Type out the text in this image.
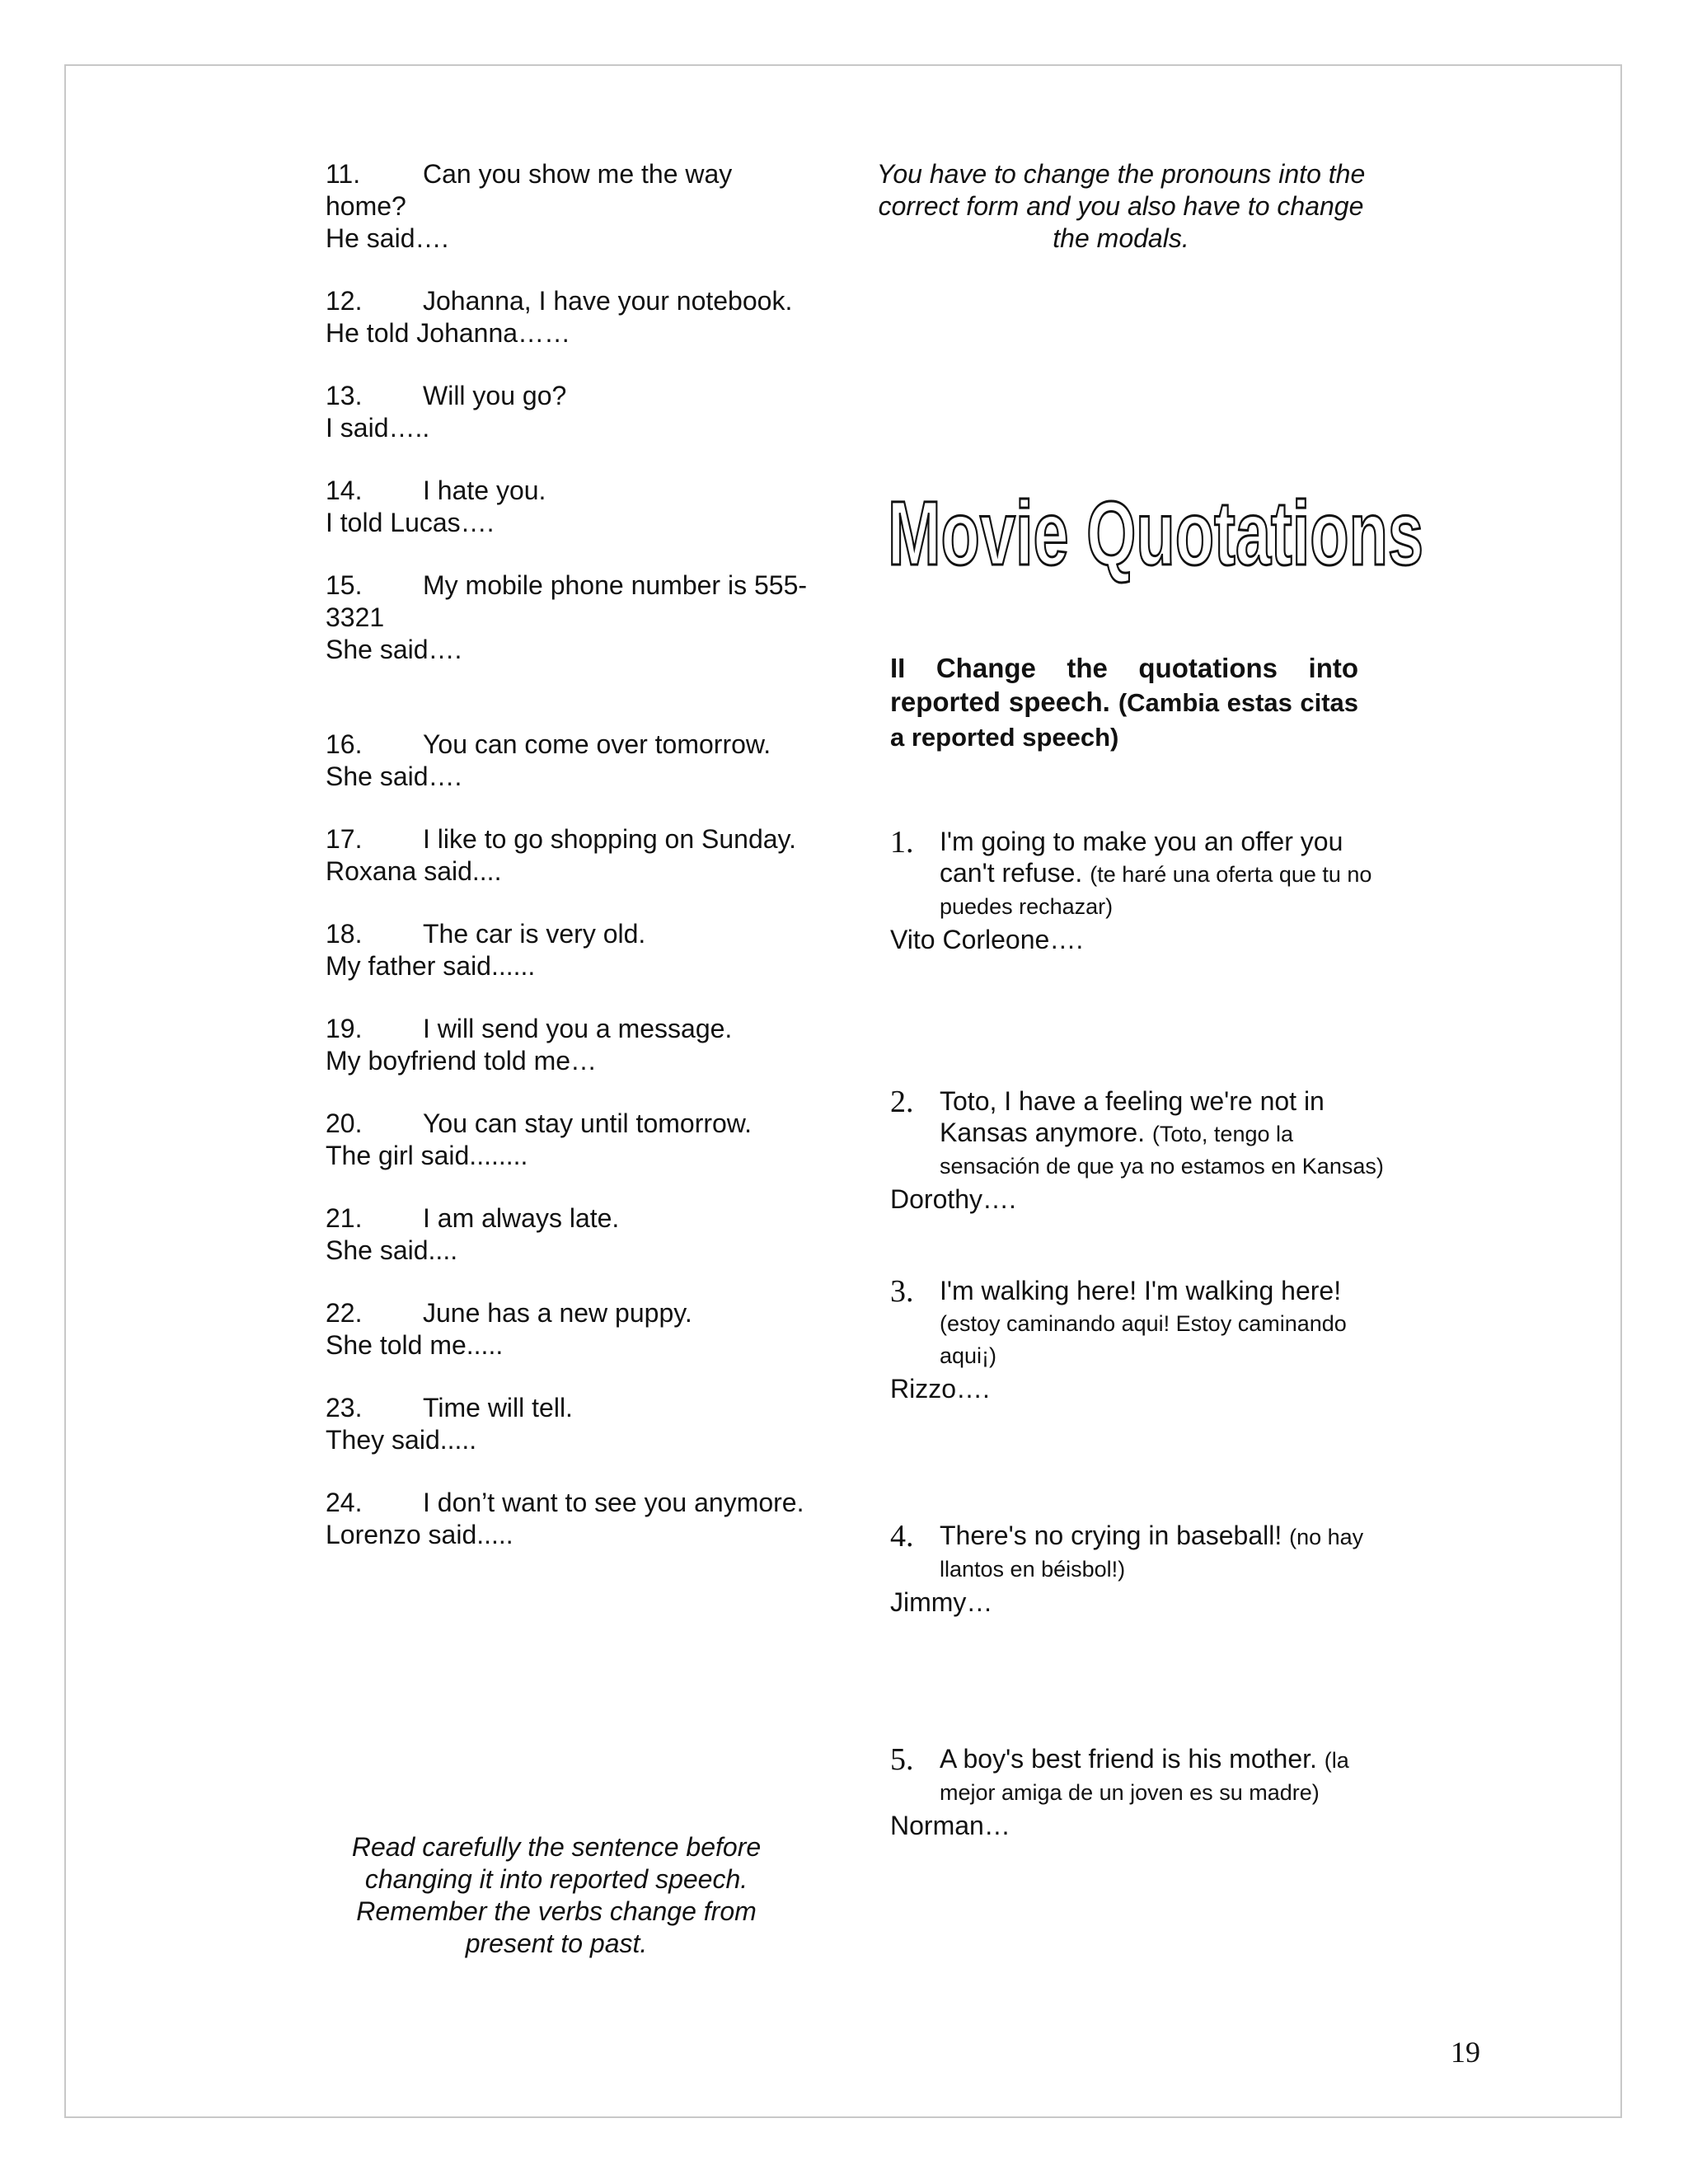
11. Can you show me the way home?
He said….
12. Johanna, I have your notebook.
He told Johanna……
13. Will you go?
I said…..
14. I hate you.
I told Lucas….
15. My mobile phone number is 555-3321
She said….
16. You can come over tomorrow.
She said….
17. I like to go shopping on Sunday.
Roxana said....
18. The car is very old.
My father said......
19. I will send you a message.
My boyfriend told me…
20. You can stay until tomorrow.
The girl said........
21. I am always late.
She said....
22. June has a new puppy.
She told me.....
23. Time will tell.
They said.....
24. I don’t want to see you anymore.
Lorenzo said.....
Read carefully the sentence before changing it into reported speech. Remember the verbs change from present to past.
You have to change the pronouns into the correct form and you also have to change the modals.
Movie Quotations
II Change the quotations into reported speech. (Cambia estas citas a reported speech)
1. I'm going to make you an offer you can't refuse. (te haré una oferta que tu no puedes rechazar)
Vito Corleone….
2. Toto, I have a feeling we're not in Kansas anymore. (Toto, tengo la sensación de que ya no estamos en Kansas)
Dorothy….
3. I'm walking here! I'm walking here! (estoy caminando aqui! Estoy caminando aqui¡)
Rizzo….
4. There's no crying in baseball! (no hay llantos en béisbol!)
Jimmy…
5. A boy's best friend is his mother. (la mejor amiga de un joven es su madre)
Norman…
19
